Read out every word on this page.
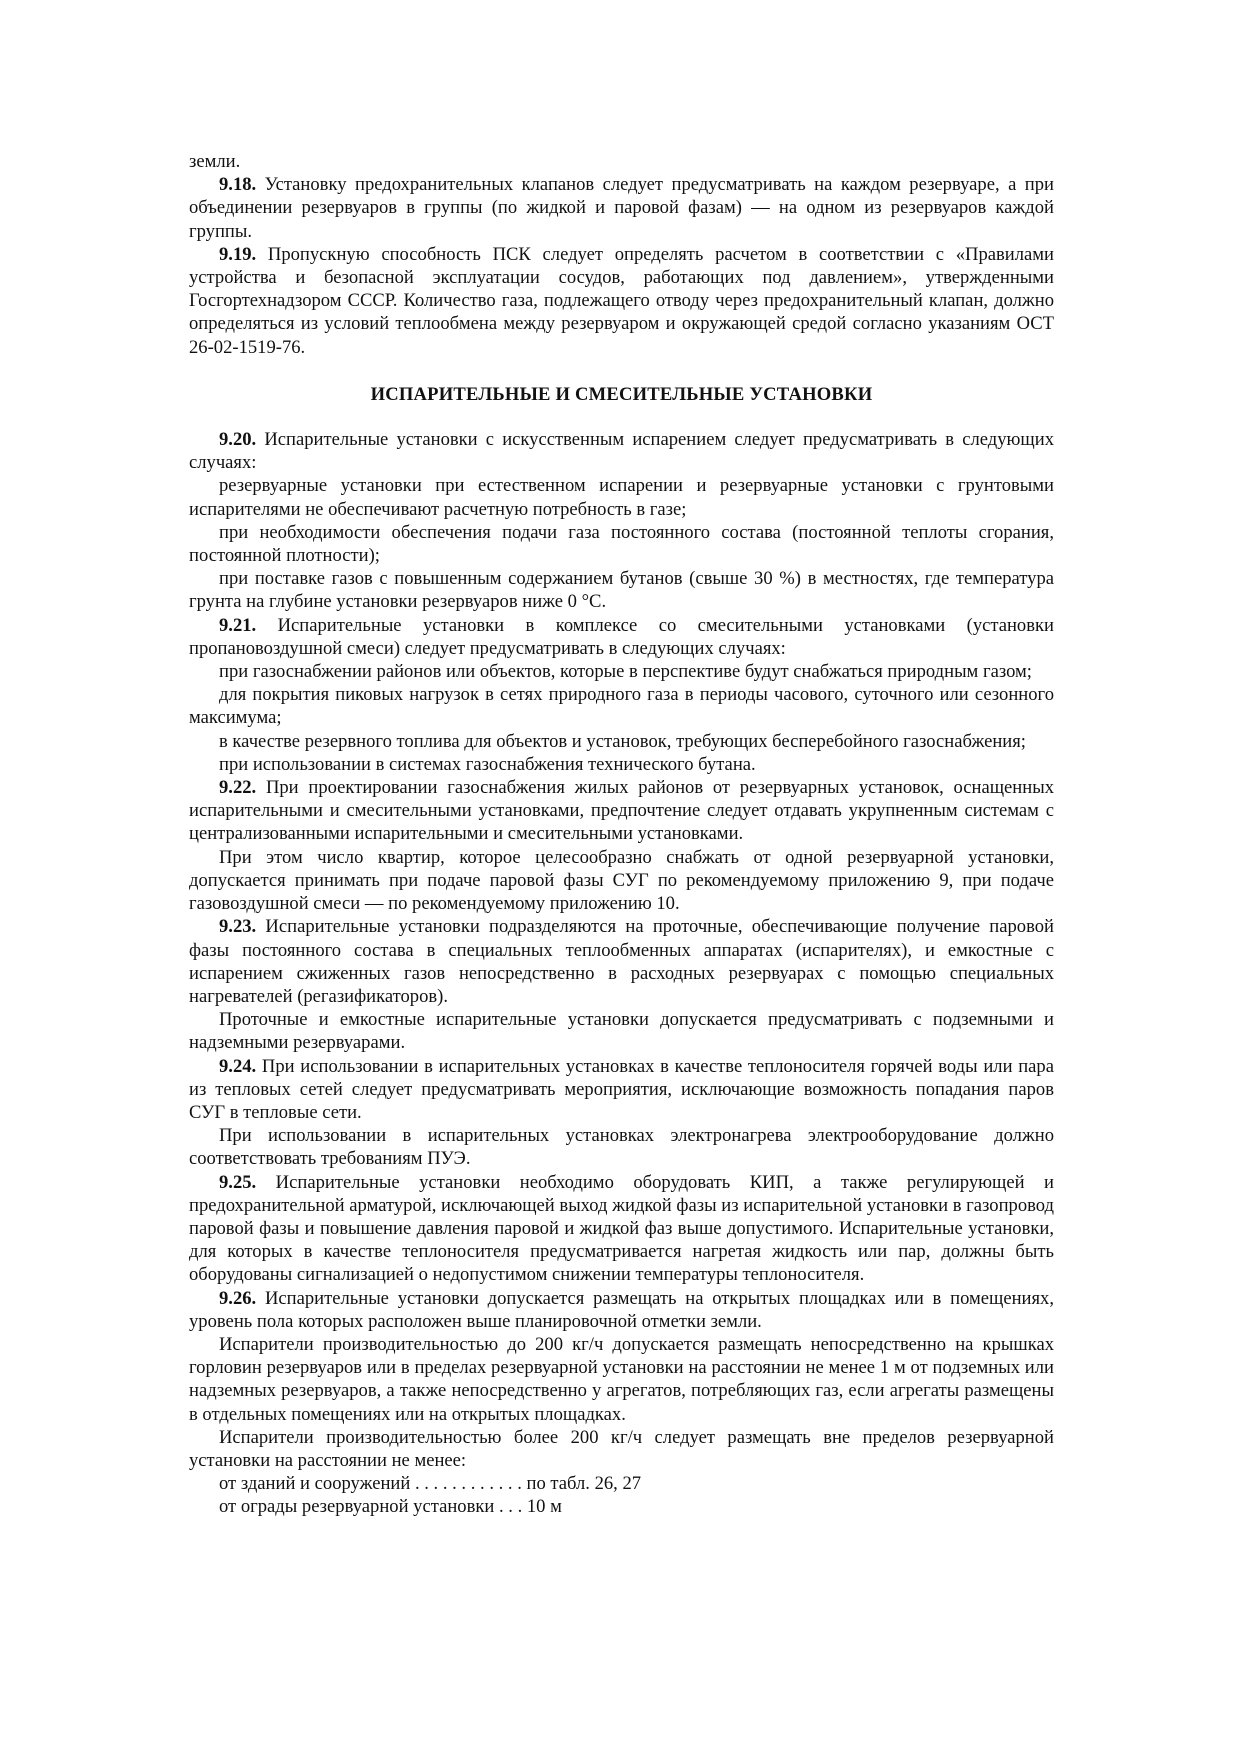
земли.

9.18. Установку предохранительных клапанов следует предусматривать на каждом резервуаре, а при объединении резервуаров в группы (по жидкой и паровой фазам) — на одном из резервуаров каждой группы.

9.19. Пропускную способность ПСК следует определять расчетом в соответствии с «Правилами устройства и безопасной эксплуатации сосудов, работающих под давлением», утвержденными Госгортехнадзором СССР. Количество газа, подлежащего отводу через предохранительный клапан, должно определяться из условий теплообмена между резервуаром и окружающей средой согласно указаниям ОСТ 26-02-1519-76.

ИСПАРИТЕЛЬНЫЕ И СМЕСИТЕЛЬНЫЕ УСТАНОВКИ

9.20. Испарительные установки с искусственным испарением следует предусматривать в следующих случаях:

резервуарные установки при естественном испарении и резервуарные установки с грунтовыми испарителями не обеспечивают расчетную потребность в газе;

при необходимости обеспечения подачи газа постоянного состава (постоянной теплоты сгорания, постоянной плотности);

при поставке газов с повышенным содержанием бутанов (свыше 30 %) в местностях, где температура грунта на глубине установки резервуаров ниже 0 °С.

9.21. Испарительные установки в комплексе со смесительными установками (установки пропановоздушной смеси) следует предусматривать в следующих случаях:

при газоснабжении районов или объектов, которые в перспективе будут снабжаться природным газом;

для покрытия пиковых нагрузок в сетях природного газа в периоды часового, суточного или сезонного максимума;

в качестве резервного топлива для объектов и установок, требующих бесперебойного газоснабжения;

при использовании в системах газоснабжения технического бутана.

9.22. При проектировании газоснабжения жилых районов от резервуарных установок, оснащенных испарительными и смесительными установками, предпочтение следует отдавать укрупненным системам с централизованными испарительными и смесительными установками.

При этом число квартир, которое целесообразно снабжать от одной резервуарной установки, допускается принимать при подаче паровой фазы СУГ по рекомендуемому приложению 9, при подаче газовоздушной смеси — по рекомендуемому приложению 10.

9.23. Испарительные установки подразделяются на проточные, обеспечивающие получение паровой фазы постоянного состава в специальных теплообменных аппаратах (испарителях), и емкостные с испарением сжиженных газов непосредственно в расходных резервуарах с помощью специальных нагревателей (регазификаторов).

Проточные и емкостные испарительные установки допускается предусматривать с подземными и надземными резервуарами.

9.24. При использовании в испарительных установках в качестве теплоносителя горячей воды или пара из тепловых сетей следует предусматривать мероприятия, исключающие возможность попадания паров СУГ в тепловые сети.

При использовании в испарительных установках электронагрева электрооборудование должно соответствовать требованиям ПУЭ.

9.25. Испарительные установки необходимо оборудовать КИП, а также регулирующей и предохранительной арматурой, исключающей выход жидкой фазы из испарительной установки в газопровод паровой фазы и повышение давления паровой и жидкой фаз выше допустимого. Испарительные установки, для которых в качестве теплоносителя предусматривается нагретая жидкость или пар, должны быть оборудованы сигнализацией о недопустимом снижении температуры теплоносителя.

9.26. Испарительные установки допускается размещать на открытых площадках или в помещениях, уровень пола которых расположен выше планировочной отметки земли.

Испарители производительностью до 200 кг/ч допускается размещать непосредственно на крышках горловин резервуаров или в пределах резервуарной установки на расстоянии не менее 1 м от подземных или надземных резервуаров, а также непосредственно у агрегатов, потребляющих газ, если агрегаты размещены в отдельных помещениях или на открытых площадках.

Испарители производительностью более 200 кг/ч следует размещать вне пределов резервуарной установки на расстоянии не менее:

от зданий и сооружений . . . . . . . . . . . . по табл. 26, 27

от ограды резервуарной установки . . . 10 м
